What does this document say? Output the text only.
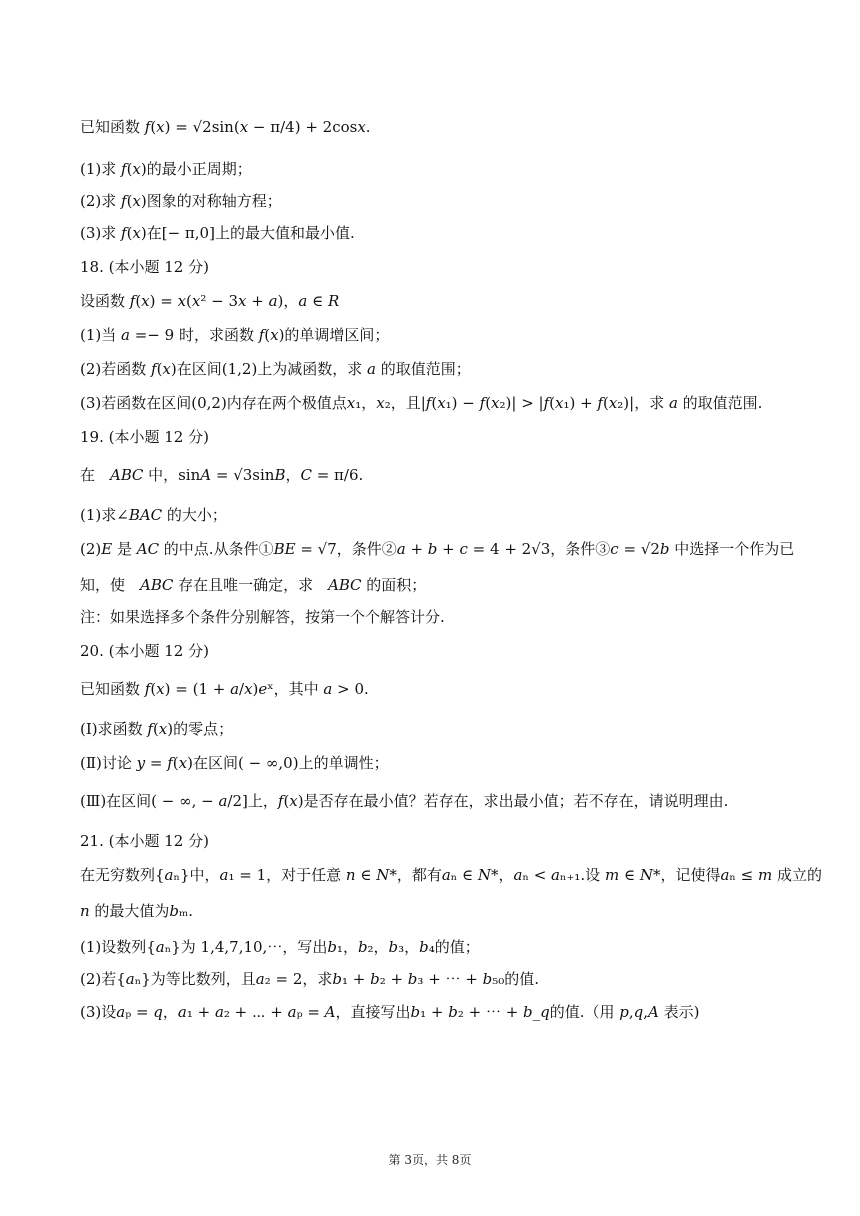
已知函数 𝑓(𝑥) = √2sin(𝑥 − π/4) + 2cos𝑥.
(1)求 𝑓(𝑥)的最小正周期；
(2)求 𝑓(𝑥)图象的对称轴方程；
(3)求 𝑓(𝑥)在[− π,0]上的最大值和最小值.
18. (本小题 12 分)
设函数 𝑓(𝑥) = 𝑥(𝑥² − 3𝑥 + 𝑎)，𝑎 ∈ 𝑅
(1)当 𝑎 =− 9 时，求函数 𝑓(𝑥)的单调增区间；
(2)若函数 𝑓(𝑥)在区间(1,2)上为减函数，求 𝑎 的取值范围；
(3)若函数在区间(0,2)内存在两个极值点𝑥₁，𝑥₂，且|𝑓(𝑥₁) − 𝑓(𝑥₂)| > |𝑓(𝑥₁) + 𝑓(𝑥₂)|，求 𝑎 的取值范围.
19. (本小题 12 分)
在　𝐴𝐵𝐶 中，sin𝐴 = √3sin𝐵，𝐶 = π/6.
(1)求∠𝐵𝐴𝐶 的大小；
(2)𝐸 是 𝐴𝐶 的中点.从条件①𝐵𝐸 = √7，条件②𝑎 + 𝑏 + 𝑐 = 4 + 2√3，条件③𝑐 = √2𝑏 中选择一个作为已
知，使　𝐴𝐵𝐶 存在且唯一确定，求　𝐴𝐵𝐶 的面积；
注：如果选择多个条件分别解答，按第一个个解答计分.
20. (本小题 12 分)
已知函数 𝑓(𝑥) = (1 + 𝑎/𝑥)𝑒ˣ，其中 𝑎 > 0.
(Ⅰ)求函数 𝑓(𝑥)的零点；
(Ⅱ)讨论 𝑦 = 𝑓(𝑥)在区间( − ∞,0)上的单调性；
(Ⅲ)在区间( − ∞, − 𝑎/2]上，𝑓(𝑥)是否存在最小值？若存在，求出最小值；若不存在，请说明理由.
21. (本小题 12 分)
在无穷数列{𝑎ₙ}中，𝑎₁ = 1，对于任意 𝑛 ∈ 𝑁*，都有𝑎ₙ ∈ 𝑁*，𝑎ₙ < 𝑎ₙ₊₁.设 𝑚 ∈ 𝑁*，记使得𝑎ₙ ≤ 𝑚 成立的
𝑛 的最大值为𝑏ₘ.
(1)设数列{𝑎ₙ}为 1,4,7,10,⋯，写出𝑏₁，𝑏₂，𝑏₃，𝑏₄的值；
(2)若{𝑎ₙ}为等比数列，且𝑎₂ = 2，求𝑏₁ + 𝑏₂ + 𝑏₃ + ⋯ + 𝑏₅₀的值.
(3)设𝑎ₚ = 𝑞，𝑎₁ + 𝑎₂ + ⋯ + 𝑎ₚ = 𝐴，直接写出𝑏₁ + 𝑏₂ + ⋯ + 𝑏_𝑞的值.（用 𝑝,𝑞,𝐴 表示)
第 3页，共 8页
